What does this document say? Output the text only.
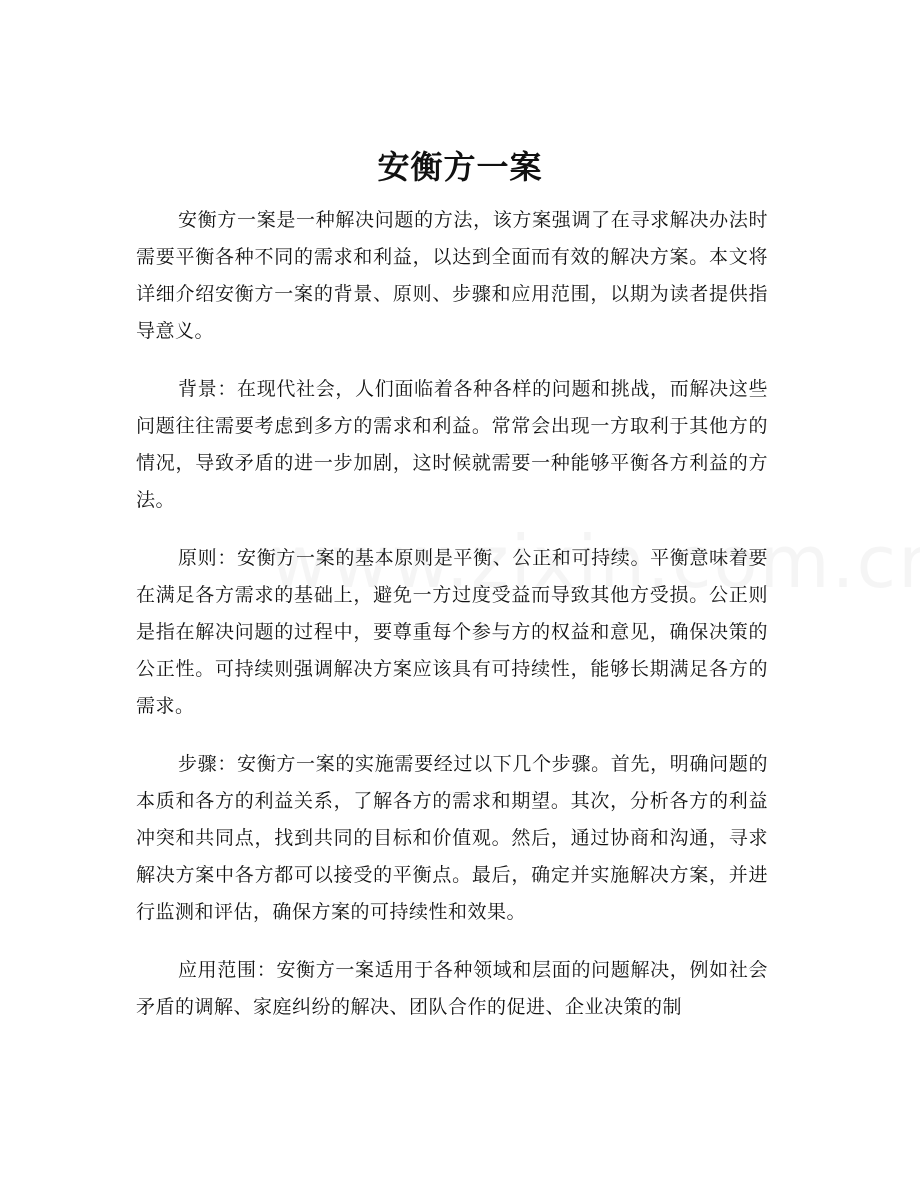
安衡方一案

安衡方一案是一种解决问题的方法，该方案强调了在寻求解决办法时需要平衡各种不同的需求和利益，以达到全面而有效的解决方案。本文将详细介绍安衡方一案的背景、原则、步骤和应用范围，以期为读者提供指导意义。

背景：在现代社会，人们面临着各种各样的问题和挑战，而解决这些问题往往需要考虑到多方的需求和利益。常常会出现一方取利于其他方的情况，导致矛盾的进一步加剧，这时候就需要一种能够平衡各方利益的方法。

原则：安衡方一案的基本原则是平衡、公正和可持续。平衡意味着要在满足各方需求的基础上，避免一方过度受益而导致其他方受损。公正则是指在解决问题的过程中，要尊重每个参与方的权益和意见，确保决策的公正性。可持续则强调解决方案应该具有可持续性，能够长期满足各方的需求。

步骤：安衡方一案的实施需要经过以下几个步骤。首先，明确问题的本质和各方的利益关系，了解各方的需求和期望。其次，分析各方的利益冲突和共同点，找到共同的目标和价值观。然后，通过协商和沟通，寻求解决方案中各方都可以接受的平衡点。最后，确定并实施解决方案，并进行监测和评估，确保方案的可持续性和效果。

应用范围：安衡方一案适用于各种领域和层面的问题解决，例如社会矛盾的调解、家庭纠纷的解决、团队合作的促进、企业决策的制
